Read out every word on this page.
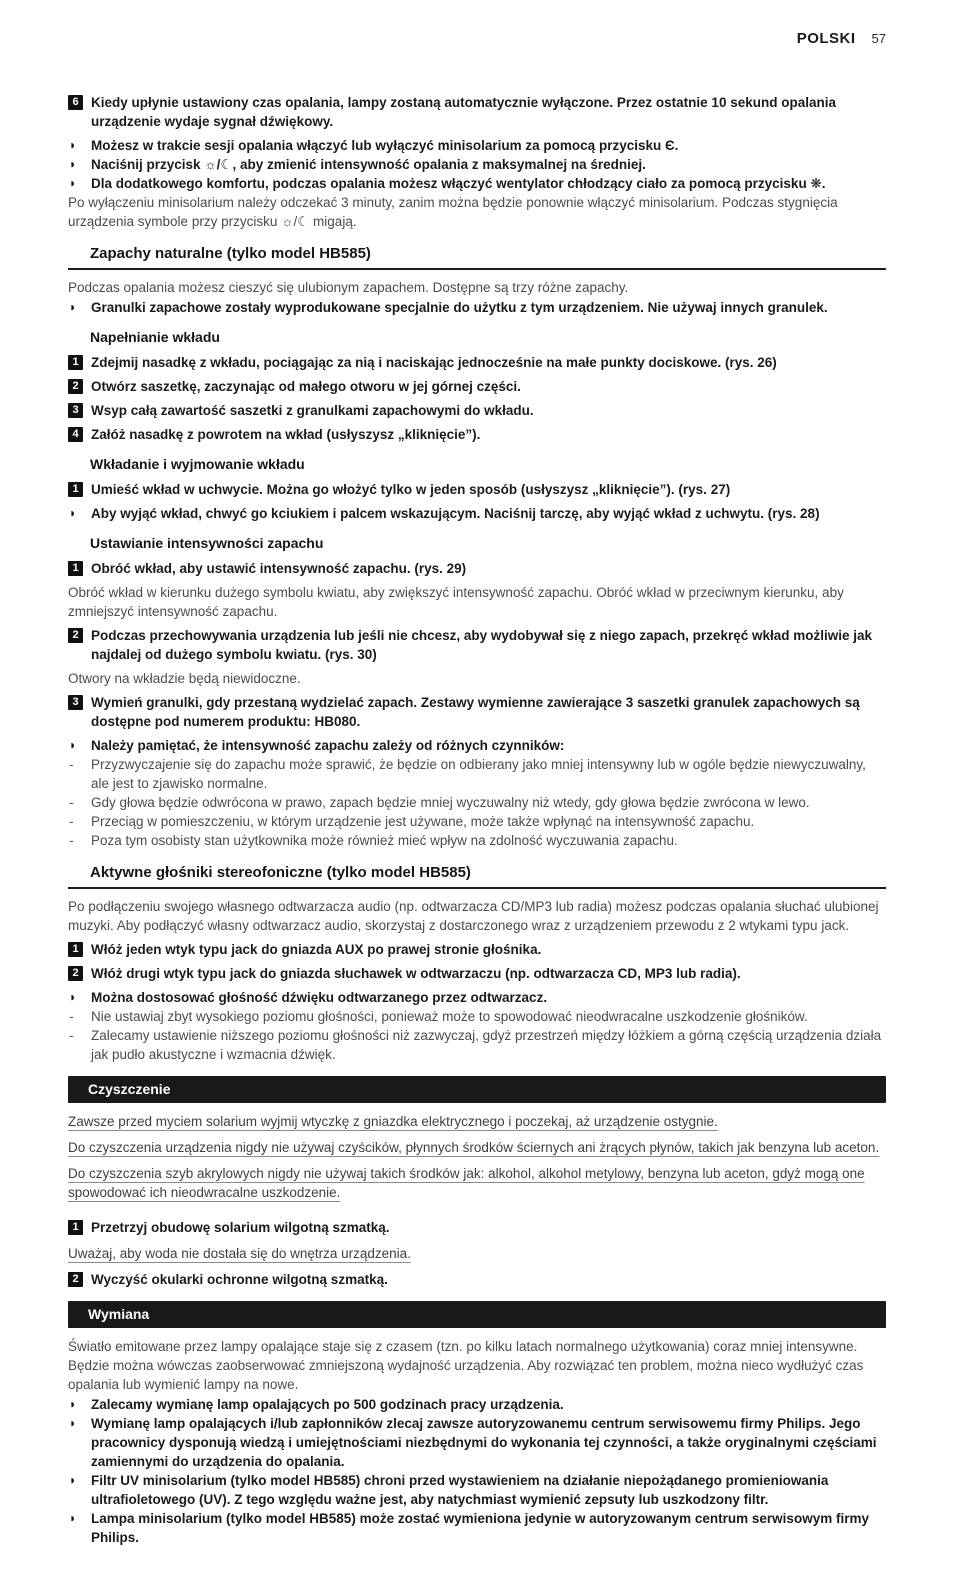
POLSKI 57
6 Kiedy upłynie ustawiony czas opalania, lampy zostaną automatycznie wyłączone. Przez ostatnie 10 sekund opalania urządzenie wydaje sygnał dźwiękowy.
◗ Możesz w trakcie sesji opalania włączyć lub wyłączyć minisolarium za pomocą przycisku Є.
◗ Naciśnij przycisk ☼/☾, aby zmienić intensywność opalania z maksymalnej na średniej.
◗ Dla dodatkowego komfortu, podczas opalania możesz włączyć wentylator chłodzący ciało za pomocą przycisku ❋.

Po wyłączeniu minisolarium należy odczekać 3 minuty, zanim można będzie ponownie włączyć minisolarium. Podczas stygnięcia urządzenia symbole przy przycisku ☼/☾ migają.

Zapachy naturalne (tylko model HB585)

Podczas opalania możesz cieszyć się ulubionym zapachem. Dostępne są trzy różne zapachy.

◗ Granulki zapachowe zostały wyprodukowane specjalnie do użytku z tym urządzeniem. Nie używaj innych granulek.
Napełnianie wkładu
1 Zdejmij nasadkę z wkładu, pociągając za nią i naciskając jednocześnie na małe punkty dociskowe. (rys. 26)
2 Otwórz saszetkę, zaczynając od małego otworu w jej górnej części.
3 Wsyp całą zawartość saszetki z granulkami zapachowymi do wkładu.
4 Załóż nasadkę z powrotem na wkład (usłyszysz „kliknięcie”).
Wkładanie i wyjmowanie wkładu
1 Umieść wkład w uchwycie. Można go włożyć tylko w jeden sposób (usłyszysz „kliknięcie”). (rys. 27)
◗ Aby wyjąć wkład, chwyć go kciukiem i palcem wskazującym. Naciśnij tarczę, aby wyjąć wkład z uchwytu. (rys. 28)
Ustawianie intensywności zapachu
1 Obróć wkład, aby ustawić intensywność zapachu. (rys. 29)

Obróć wkład w kierunku dużego symbolu kwiatu, aby zwiększyć intensywność zapachu. Obróć wkład w przeciwnym kierunku, aby zmniejszyć intensywność zapachu.

2 Podczas przechowywania urządzenia lub jeśli nie chcesz, aby wydobywał się z niego zapach, przekręć wkład możliwie jak najdalej od dużego symbolu kwiatu. (rys. 30)

Otwory na wkładzie będą niewidoczne.

3 Wymień granulki, gdy przestaną wydzielać zapach. Zestawy wymienne zawierające 3 saszetki granulek zapachowych są dostępne pod numerem produktu: HB080.
◗ Należy pamiętać, że intensywność zapachu zależy od różnych czynników:
- Przyzwyczajenie się do zapachu może sprawić, że będzie on odbierany jako mniej intensywny lub w ogóle będzie niewyczuwalny, ale jest to zjawisko normalne.
- Gdy głowa będzie odwrócona w prawo, zapach będzie mniej wyczuwalny niż wtedy, gdy głowa będzie zwrócona w lewo.
- Przeciąg w pomieszczeniu, w którym urządzenie jest używane, może także wpłynąć na intensywność zapachu.
- Poza tym osobisty stan użytkownika może również mieć wpływ na zdolność wyczuwania zapachu.
Aktywne głośniki stereofoniczne (tylko model HB585)

Po podłączeniu swojego własnego odtwarzacza audio (np. odtwarzacza CD/MP3 lub radia) możesz podczas opalania słuchać ulubionej muzyki. Aby podłączyć własny odtwarzacz audio, skorzystaj z dostarczonego wraz z urządzeniem przewodu z 2 wtykami typu jack.

1 Włóż jeden wtyk typu jack do gniazda AUX po prawej stronie głośnika.
2 Włóż drugi wtyk typu jack do gniazda słuchawek w odtwarzaczu (np. odtwarzacza CD, MP3 lub radia).
◗ Można dostosować głośność dźwięku odtwarzanego przez odtwarzacz.
- Nie ustawiaj zbyt wysokiego poziomu głośności, ponieważ może to spowodować nieodwracalne uszkodzenie głośników.
- Zalecamy ustawienie niższego poziomu głośności niż zazwyczaj, gdyż przestrzeń między łóżkiem a górną częścią urządzenia działa jak pudło akustyczne i wzmacnia dźwięk.
Czyszczenie

Zawsze przed myciem solarium wyjmij wtyczkę z gniazdka elektrycznego i poczekaj, aż urządzenie ostygnie.

Do czyszczenia urządzenia nigdy nie używaj czyścików, płynnych środków ściernych ani żrących płynów, takich jak benzyna lub aceton.

Do czyszczenia szyb akrylowych nigdy nie używaj takich środków jak: alkohol, alkohol metylowy, benzyna lub aceton, gdyż mogą one spowodować ich nieodwracalne uszkodzenie.

1 Przetrzyj obudowę solarium wilgotną szmatką.

Uważaj, aby woda nie dostała się do wnętrza urządzenia.

2 Wyczyść okularki ochronne wilgotną szmatką.
Wymiana

Światło emitowane przez lampy opalające staje się z czasem (tzn. po kilku latach normalnego użytkowania) coraz mniej intensywne. Będzie można wówczas zaobserwować zmniejszoną wydajność urządzenia. Aby rozwiązać ten problem, można nieco wydłużyć czas opalania lub wymienić lampy na nowe.

◗ Zalecamy wymianę lamp opalających po 500 godzinach pracy urządzenia.
◗ Wymianę lamp opalających i/lub zapłonników zlecaj zawsze autoryzowanemu centrum serwisowemu firmy Philips. Jego pracownicy dysponują wiedzą i umiejętnościami niezbędnymi do wykonania tej czynności, a także oryginalnymi częściami zamiennymi do urządzenia do opalania.
◗ Filtr UV minisolarium (tylko model HB585) chroni przed wystawieniem na działanie niepożądanego promieniowania ultrafioletowego (UV). Z tego względu ważne jest, aby natychmiast wymienić zepsuty lub uszkodzony filtr.
◗ Lampa minisolarium (tylko model HB585) może zostać wymieniona jedynie w autoryzowanym centrum serwisowym firmy Philips.
